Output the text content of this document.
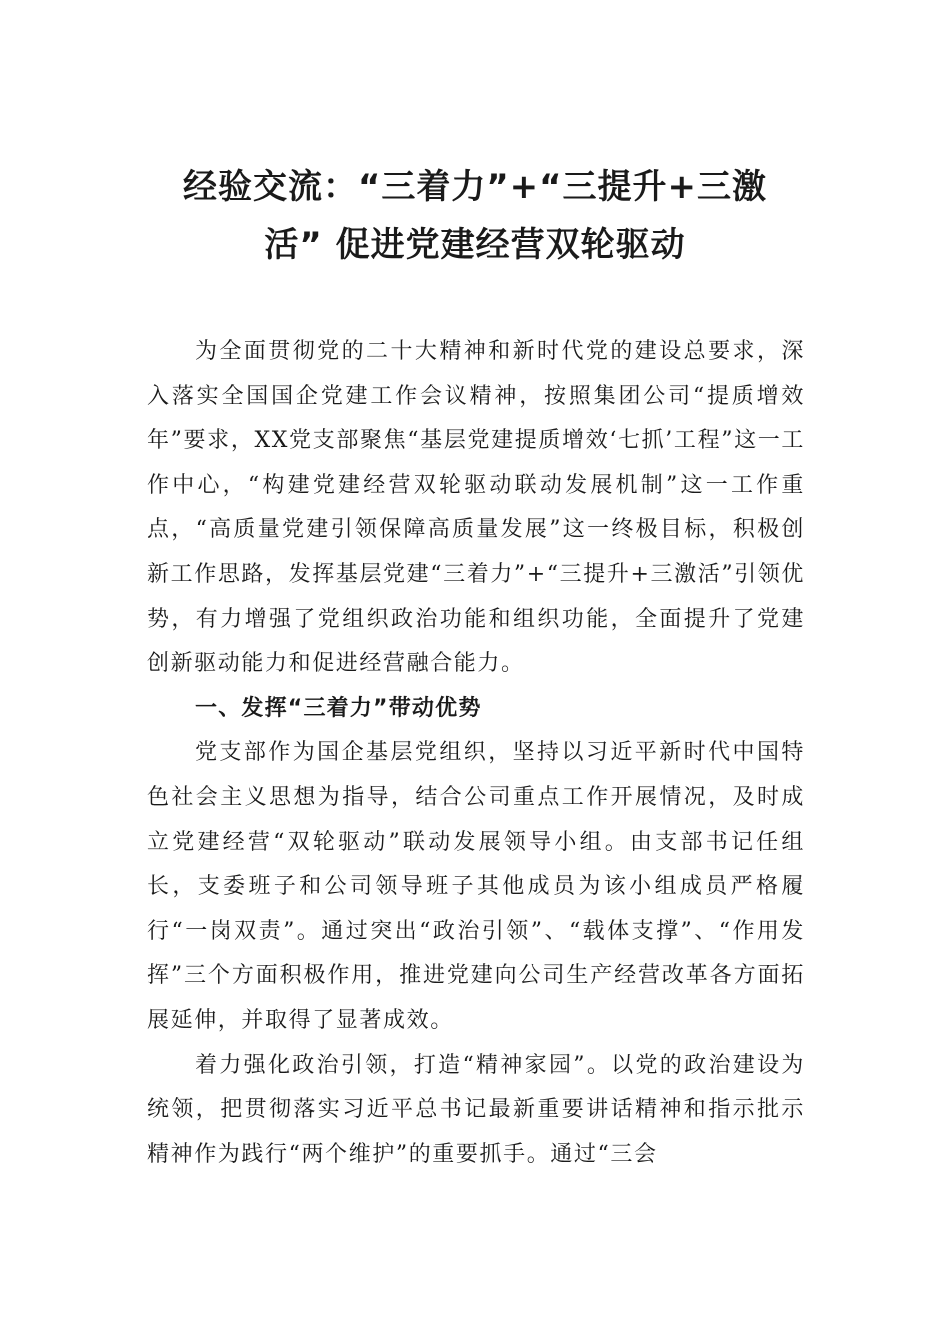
经验交流：“三着力”+“三提升+三激
活” 促进党建经营双轮驱动

为全面贯彻党的二十大精神和新时代党的建设总要求，深入落实全国国企党建工作会议精神，按照集团公司“提质增效年”要求，XX党支部聚焦“基层党建提质增效‘七抓’工程”这一工作中心，“构建党建经营双轮驱动联动发展机制”这一工作重点，“高质量党建引领保障高质量发展”这一终极目标，积极创新工作思路，发挥基层党建“三着力”+“三提升+三激活”引领优势，有力增强了党组织政治功能和组织功能，全面提升了党建创新驱动能力和促进经营融合能力。

一、发挥“三着力”带动优势

党支部作为国企基层党组织，坚持以习近平新时代中国特色社会主义思想为指导，结合公司重点工作开展情况，及时成立党建经营“双轮驱动”联动发展领导小组。由支部书记任组长，支委班子和公司领导班子其他成员为该小组成员严格履行“一岗双责”。通过突出“政治引领”、“载体支撑”、“作用发挥”三个方面积极作用，推进党建向公司生产经营改革各方面拓展延伸，并取得了显著成效。

着力强化政治引领，打造“精神家园”。以党的政治建设为统领，把贯彻落实习近平总书记最新重要讲话精神和指示批示精神作为践行“两个维护”的重要抓手。通过“三会
